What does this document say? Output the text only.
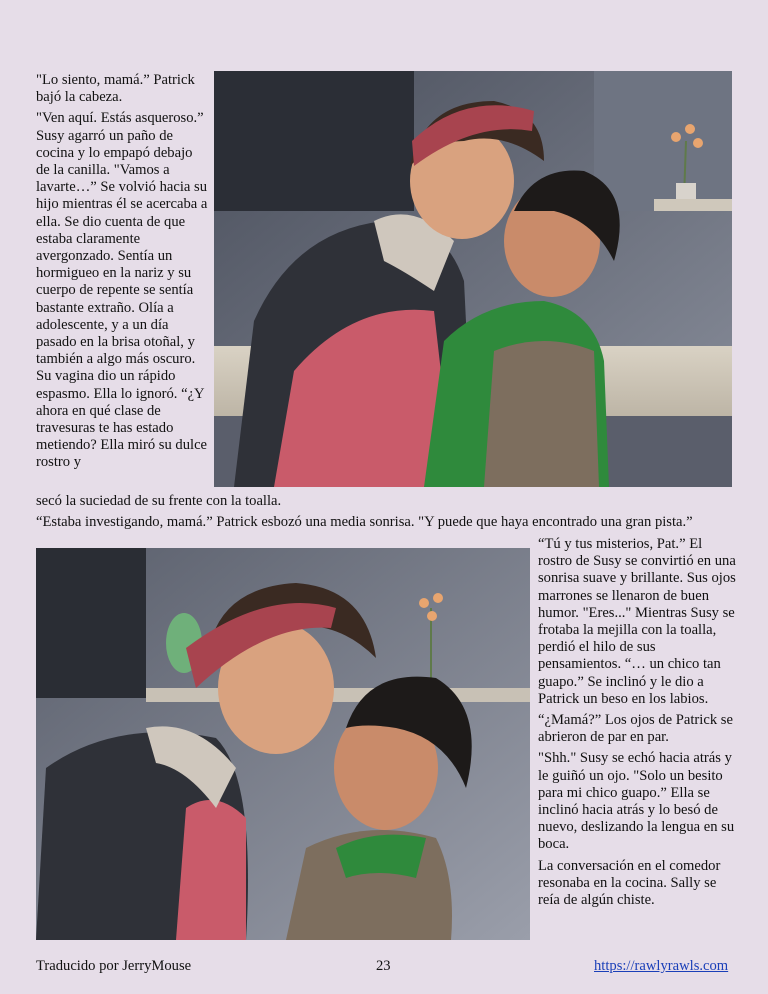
"Lo siento, mamá.” Patrick bajó la cabeza.

"Ven aquí. Estás asqueroso.” Susy agarró un paño de cocina y lo empapó debajo de la canilla. "Vamos a lavarte…” Se volvió hacia su hijo mientras él se acercaba a ella. Se dio cuenta de que estaba claramente avergonzado. Sentía un hormigueo en la nariz y su cuerpo de repente se sentía bastante extraño. Olía a adolescente, y a un día pasado en la brisa otoñal, y también a algo más oscuro. Su vagina dio un rápido espasmo. Ella lo ignoró. “¿Y ahora en qué clase de travesuras te has estado metiendo? Ella miró su dulce rostro y

secó la suciedad de su frente con la toalla.
“Estaba investigando, mamá.” Patrick esbozó una media sonrisa. "Y puede que haya encontrado una gran pista.”

“Tú y tus misterios, Pat.” El rostro de Susy se convirtió en una sonrisa suave y brillante. Sus ojos marrones se llenaron de buen humor. "Eres..." Mientras Susy se frotaba la mejilla con la toalla, perdió el hilo de sus pensamientos. “… un chico tan guapo.” Se inclinó y le dio a Patrick un beso en los labios.

“¿Mamá?” Los ojos de Patrick se abrieron de par en par.

"Shh." Susy se echó hacia atrás y le guiñó un ojo. "Solo un besito para mi chico guapo.” Ella se inclinó hacia atrás y lo besó de nuevo, deslizando la lengua en su boca.

La conversación en el comedor resonaba en la cocina. Sally se reía de algún chiste.

Traducido por JerryMouse	23	https://rawlyrawls.com
